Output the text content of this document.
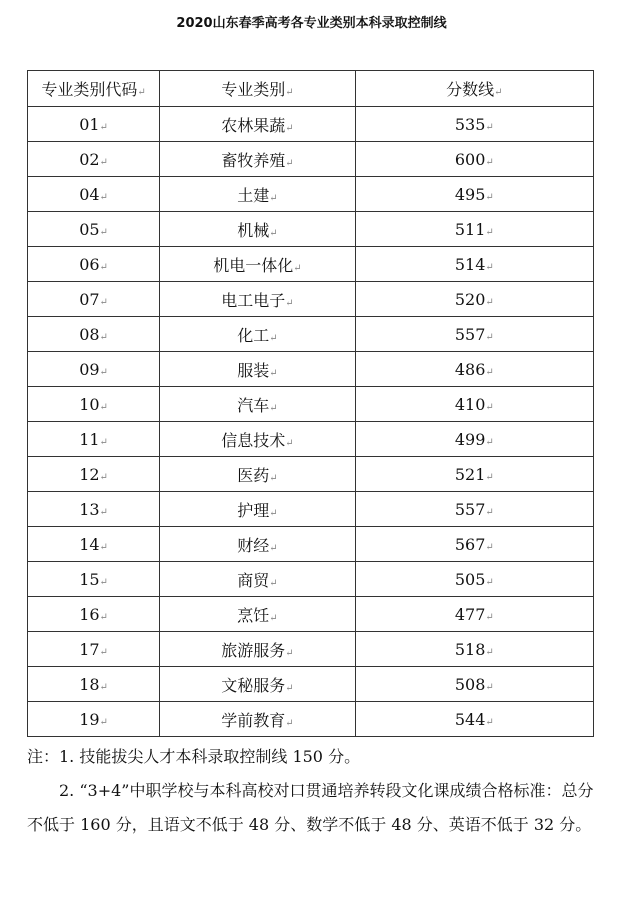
2020山东春季高考各专业类别本科录取控制线
专业类别代码↵	专业类别↵	分数线↵
01↵	农林果蔬↵	535↵
02↵	畜牧养殖↵	600↵
04↵	土建↵	495↵
05↵	机械↵	511↵
06↵	机电一体化↵	514↵
07↵	电工电子↵	520↵
08↵	化工↵	557↵
09↵	服装↵	486↵
10↵	汽车↵	410↵
11↵	信息技术↵	499↵
12↵	医药↵	521↵
13↵	护理↵	557↵
14↵	财经↵	567↵
15↵	商贸↵	505↵
16↵	烹饪↵	477↵
17↵	旅游服务↵	518↵
18↵	文秘服务↵	508↵
19↵	学前教育↵	544↵

注：1. 技能拔尖人才本科录取控制线 150 分。

2. “3+4”中职学校与本科高校对口贯通培养转段文化课成绩合格标准：总分不低于 160 分，且语文不低于 48 分、数学不低于 48 分、英语不低于 32 分。
